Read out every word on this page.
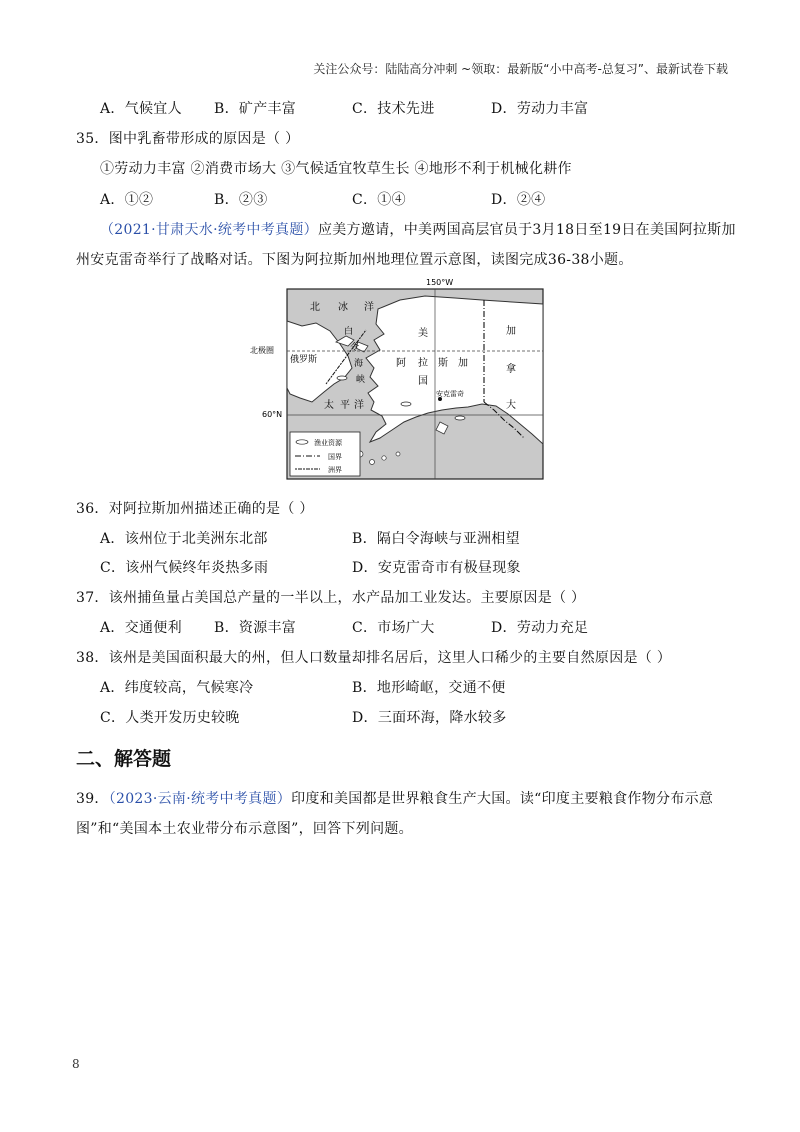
关注公众号：陆陆高分冲刺 ~领取：最新版“小中高考-总复习”、最新试卷下载
A．气候宜人 B．矿产丰富	C．技术先进	D．劳动力丰富
35．图中乳畜带形成的原因是（ ）
①劳动力丰富 ②消费市场大 ③气候适宜牧草生长 ④地形不利于机械化耕作
A．①②	B．②③	C．①④	D．②④
（2021·甘肃天水·统考中考真题）应美方邀请，中美两国高层官员于3月18日至19日在美国阿拉斯加
州安克雷奇举行了战略对话。下图为阿拉斯加州地理位置示意图，读图完成36-38小题。
150°W
北极圈
60°N
北 冰 洋
白
令
海
峡
俄罗斯
太 平 洋
美
国
阿 拉 斯 加
加
拿
大
安克雷奇
渔业资源
国界
洲界
36．对阿拉斯加州描述正确的是（ ）
A．该州位于北美洲东北部	B．隔白令海峡与亚洲相望
C．该州气候终年炎热多雨	D．安克雷奇市有极昼现象
37．该州捕鱼量占美国总产量的一半以上，水产品加工业发达。主要原因是（ ）
A．交通便利 B．资源丰富	C．市场广大	D．劳动力充足
38．该州是美国面积最大的州，但人口数量却排名居后，这里人口稀少的主要自然原因是（ ）
A．纬度较高，气候寒冷	B．地形崎岖，交通不便
C．人类开发历史较晚	D．三面环海，降水较多
二、解答题
39．（2023·云南·统考中考真题）印度和美国都是世界粮食生产大国。读“印度主要粮食作物分布示意
图”和“美国本土农业带分布示意图”，回答下列问题。
8
